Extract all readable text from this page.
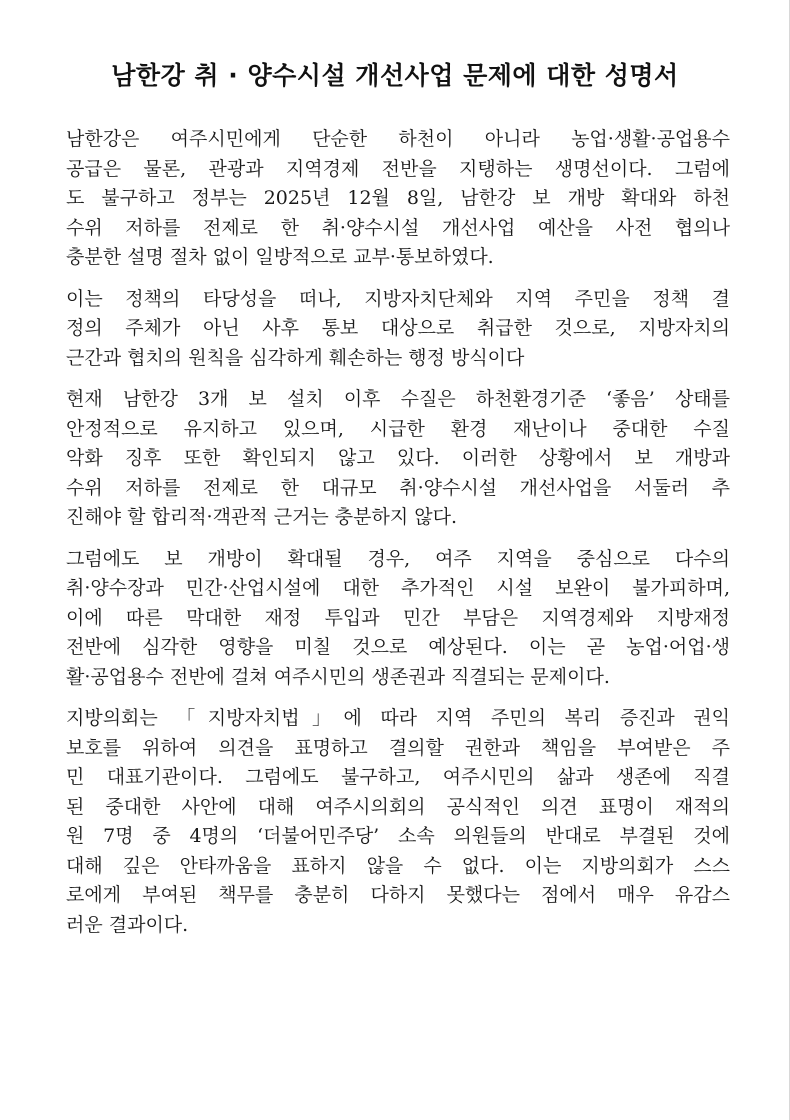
남한강 취 · 양수시설 개선사업 문제에 대한 성명서
남한강은 여주시민에게 단순한 하천이 아니라 농업·생활·공업용수
공급은 물론, 관광과 지역경제 전반을 지탱하는 생명선이다. 그럼에
도 불구하고 정부는 2025년 12월 8일, 남한강 보 개방 확대와 하천
수위 저하를 전제로 한 취·양수시설 개선사업 예산을 사전 협의나
충분한 설명 절차 없이 일방적으로 교부·통보하였다.
이는 정책의 타당성을 떠나, 지방자치단체와 지역 주민을 정책 결
정의 주체가 아닌 사후 통보 대상으로 취급한 것으로, 지방자치의
근간과 협치의 원칙을 심각하게 훼손하는 행정 방식이다
현재 남한강 3개 보 설치 이후 수질은 하천환경기준 ‘좋음’ 상태를
안정적으로 유지하고 있으며, 시급한 환경 재난이나 중대한 수질
악화 징후 또한 확인되지 않고 있다. 이러한 상황에서 보 개방과
수위 저하를 전제로 한 대규모 취·양수시설 개선사업을 서둘러 추
진해야 할 합리적·객관적 근거는 충분하지 않다.
그럼에도 보 개방이 확대될 경우, 여주 지역을 중심으로 다수의
취·양수장과 민간·산업시설에 대한 추가적인 시설 보완이 불가피하며,
이에 따른 막대한 재정 투입과 민간 부담은 지역경제와 지방재정
전반에 심각한 영향을 미칠 것으로 예상된다. 이는 곧 농업·어업·생
활·공업용수 전반에 걸쳐 여주시민의 생존권과 직결되는 문제이다.
지방의회는 「지방자치법」에 따라 지역 주민의 복리 증진과 권익
보호를 위하여 의견을 표명하고 결의할 권한과 책임을 부여받은 주
민 대표기관이다. 그럼에도 불구하고, 여주시민의 삶과 생존에 직결
된 중대한 사안에 대해 여주시의회의 공식적인 의견 표명이 재적의
원 7명 중 4명의 ‘더불어민주당’ 소속 의원들의 반대로 부결된 것에
대해 깊은 안타까움을 표하지 않을 수 없다. 이는 지방의회가 스스
로에게 부여된 책무를 충분히 다하지 못했다는 점에서 매우 유감스
러운 결과이다.
